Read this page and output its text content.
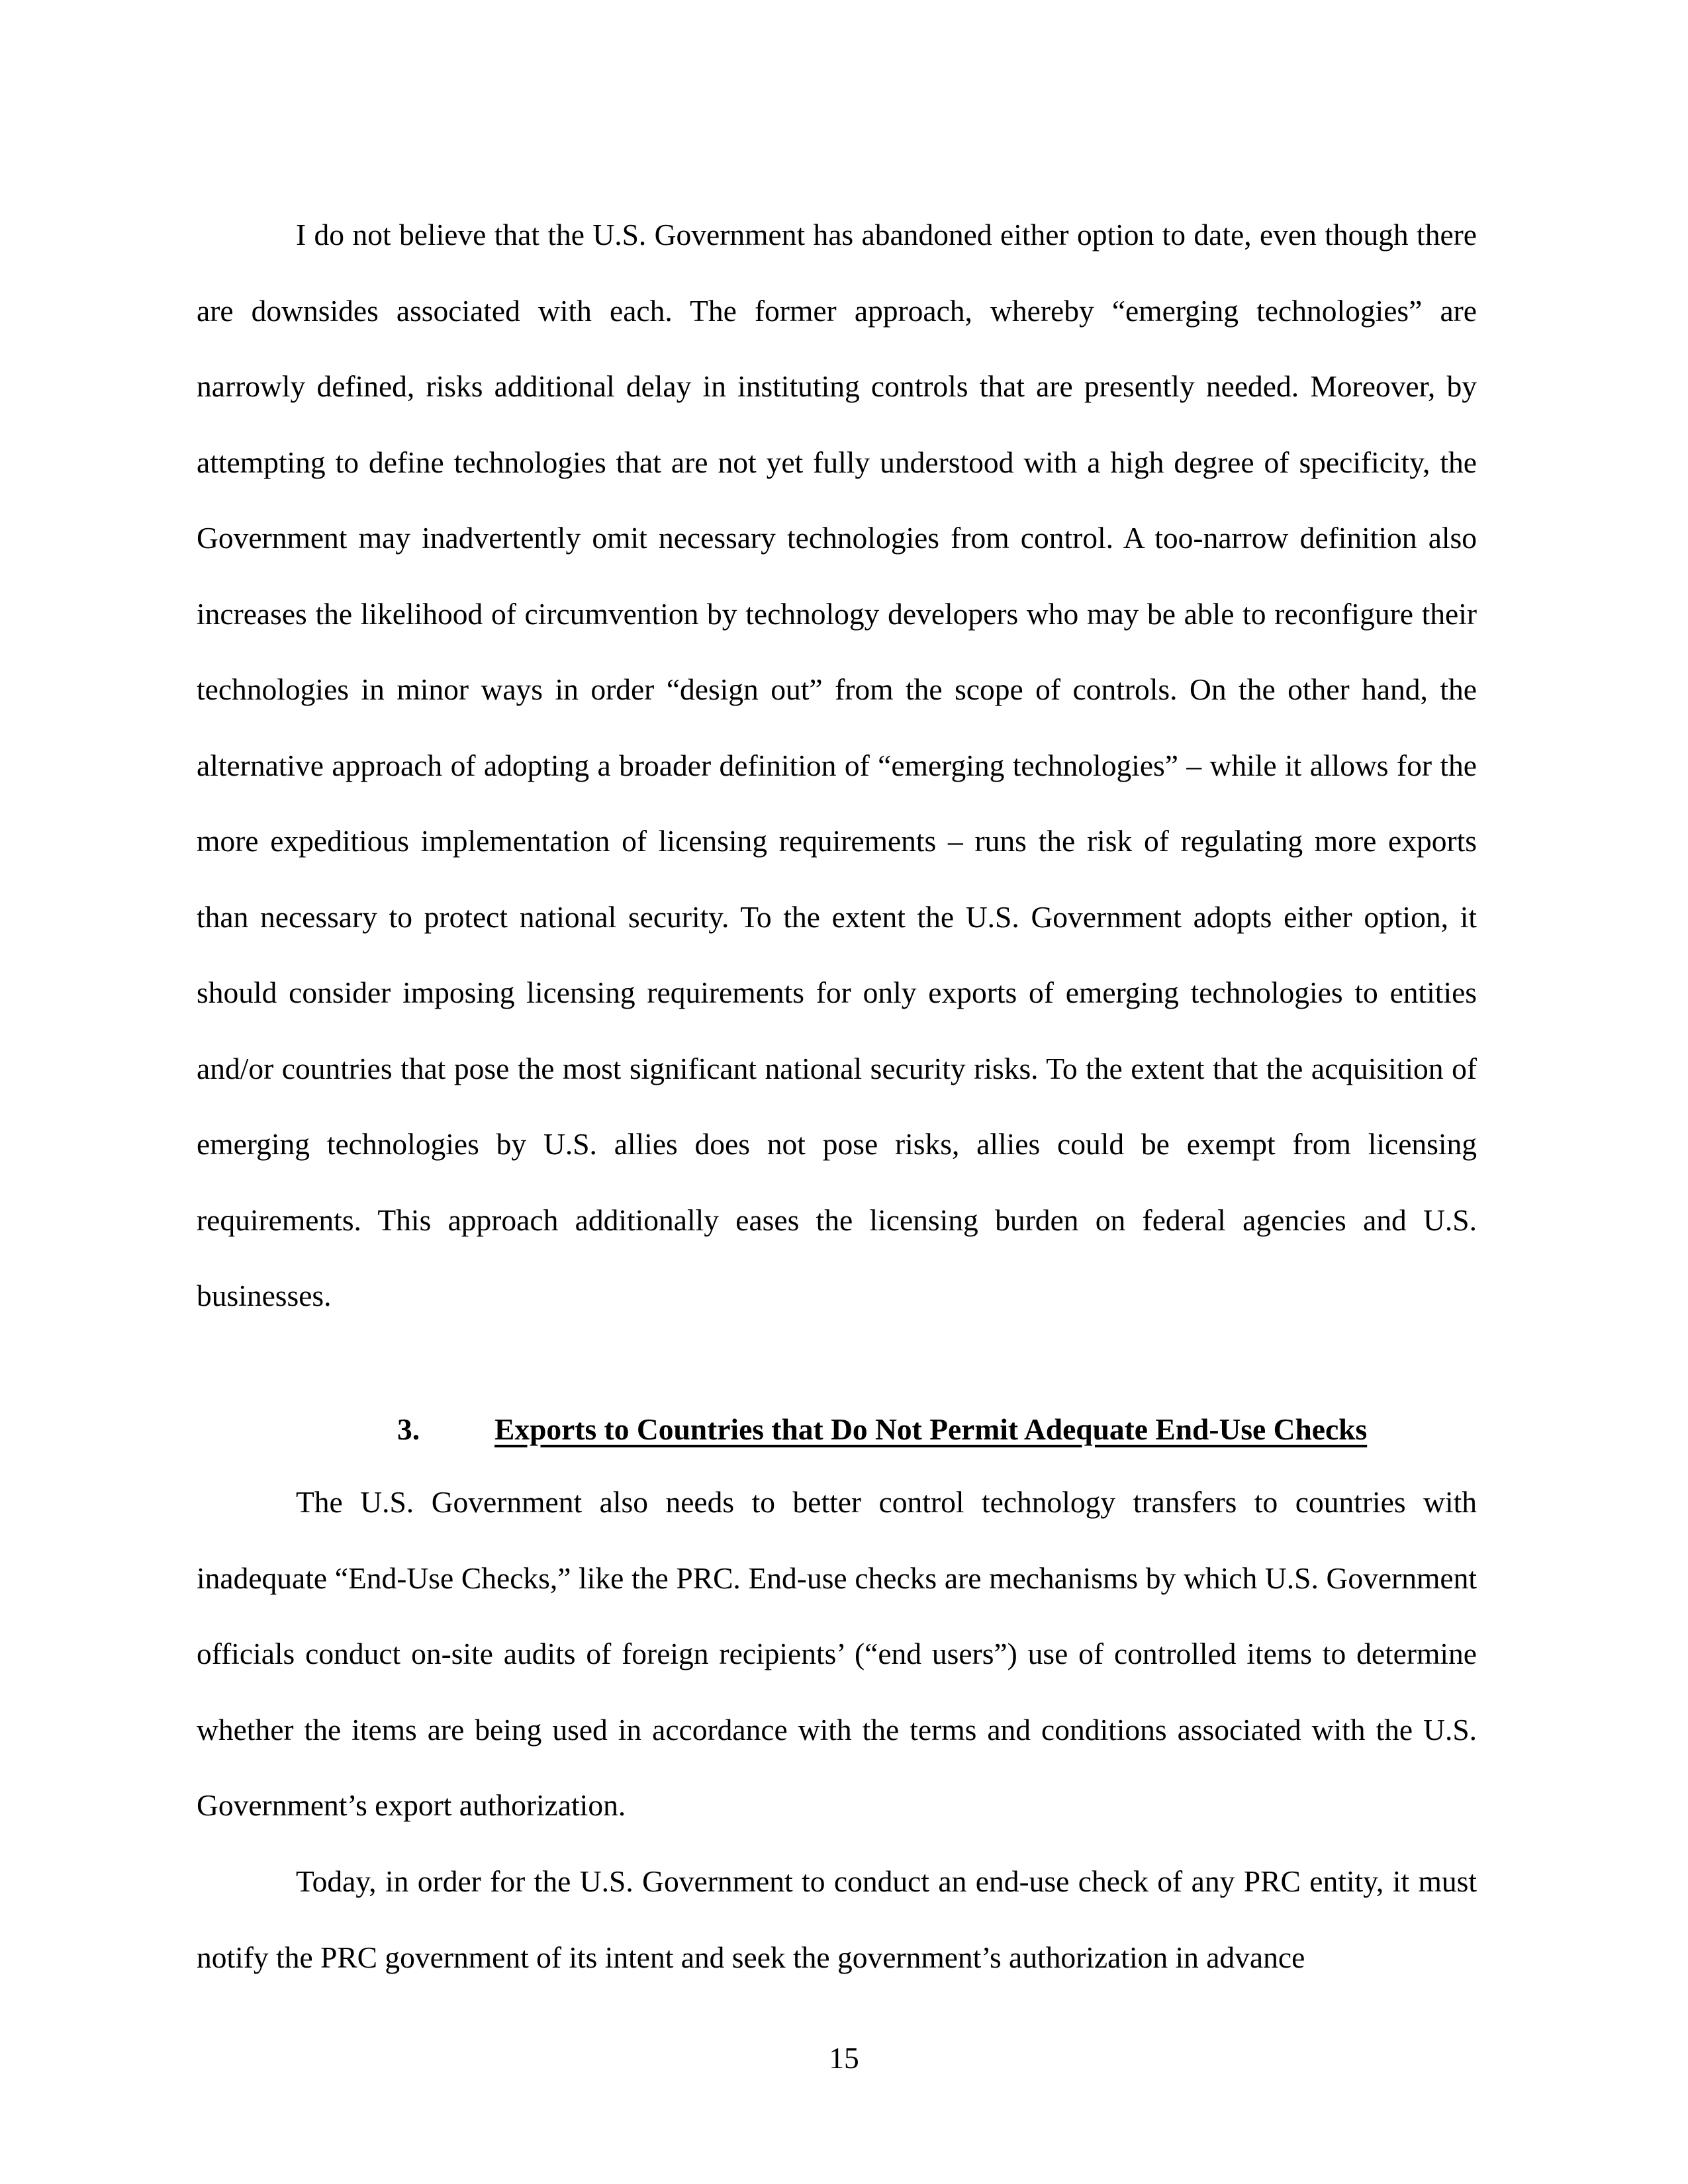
I do not believe that the U.S. Government has abandoned either option to date, even though there are downsides associated with each. The former approach, whereby “emerging technologies” are narrowly defined, risks additional delay in instituting controls that are presently needed. Moreover, by attempting to define technologies that are not yet fully understood with a high degree of specificity, the Government may inadvertently omit necessary technologies from control. A too-narrow definition also increases the likelihood of circumvention by technology developers who may be able to reconfigure their technologies in minor ways in order “design out” from the scope of controls. On the other hand, the alternative approach of adopting a broader definition of “emerging technologies” – while it allows for the more expeditious implementation of licensing requirements – runs the risk of regulating more exports than necessary to protect national security. To the extent the U.S. Government adopts either option, it should consider imposing licensing requirements for only exports of emerging technologies to entities and/or countries that pose the most significant national security risks. To the extent that the acquisition of emerging technologies by U.S. allies does not pose risks, allies could be exempt from licensing requirements. This approach additionally eases the licensing burden on federal agencies and U.S. businesses.

3. Exports to Countries that Do Not Permit Adequate End-Use Checks

The U.S. Government also needs to better control technology transfers to countries with inadequate “End-Use Checks,” like the PRC. End-use checks are mechanisms by which U.S. Government officials conduct on-site audits of foreign recipients’ (“end users”) use of controlled items to determine whether the items are being used in accordance with the terms and conditions associated with the U.S. Government’s export authorization.

Today, in order for the U.S. Government to conduct an end-use check of any PRC entity, it must notify the PRC government of its intent and seek the government’s authorization in advance

15
